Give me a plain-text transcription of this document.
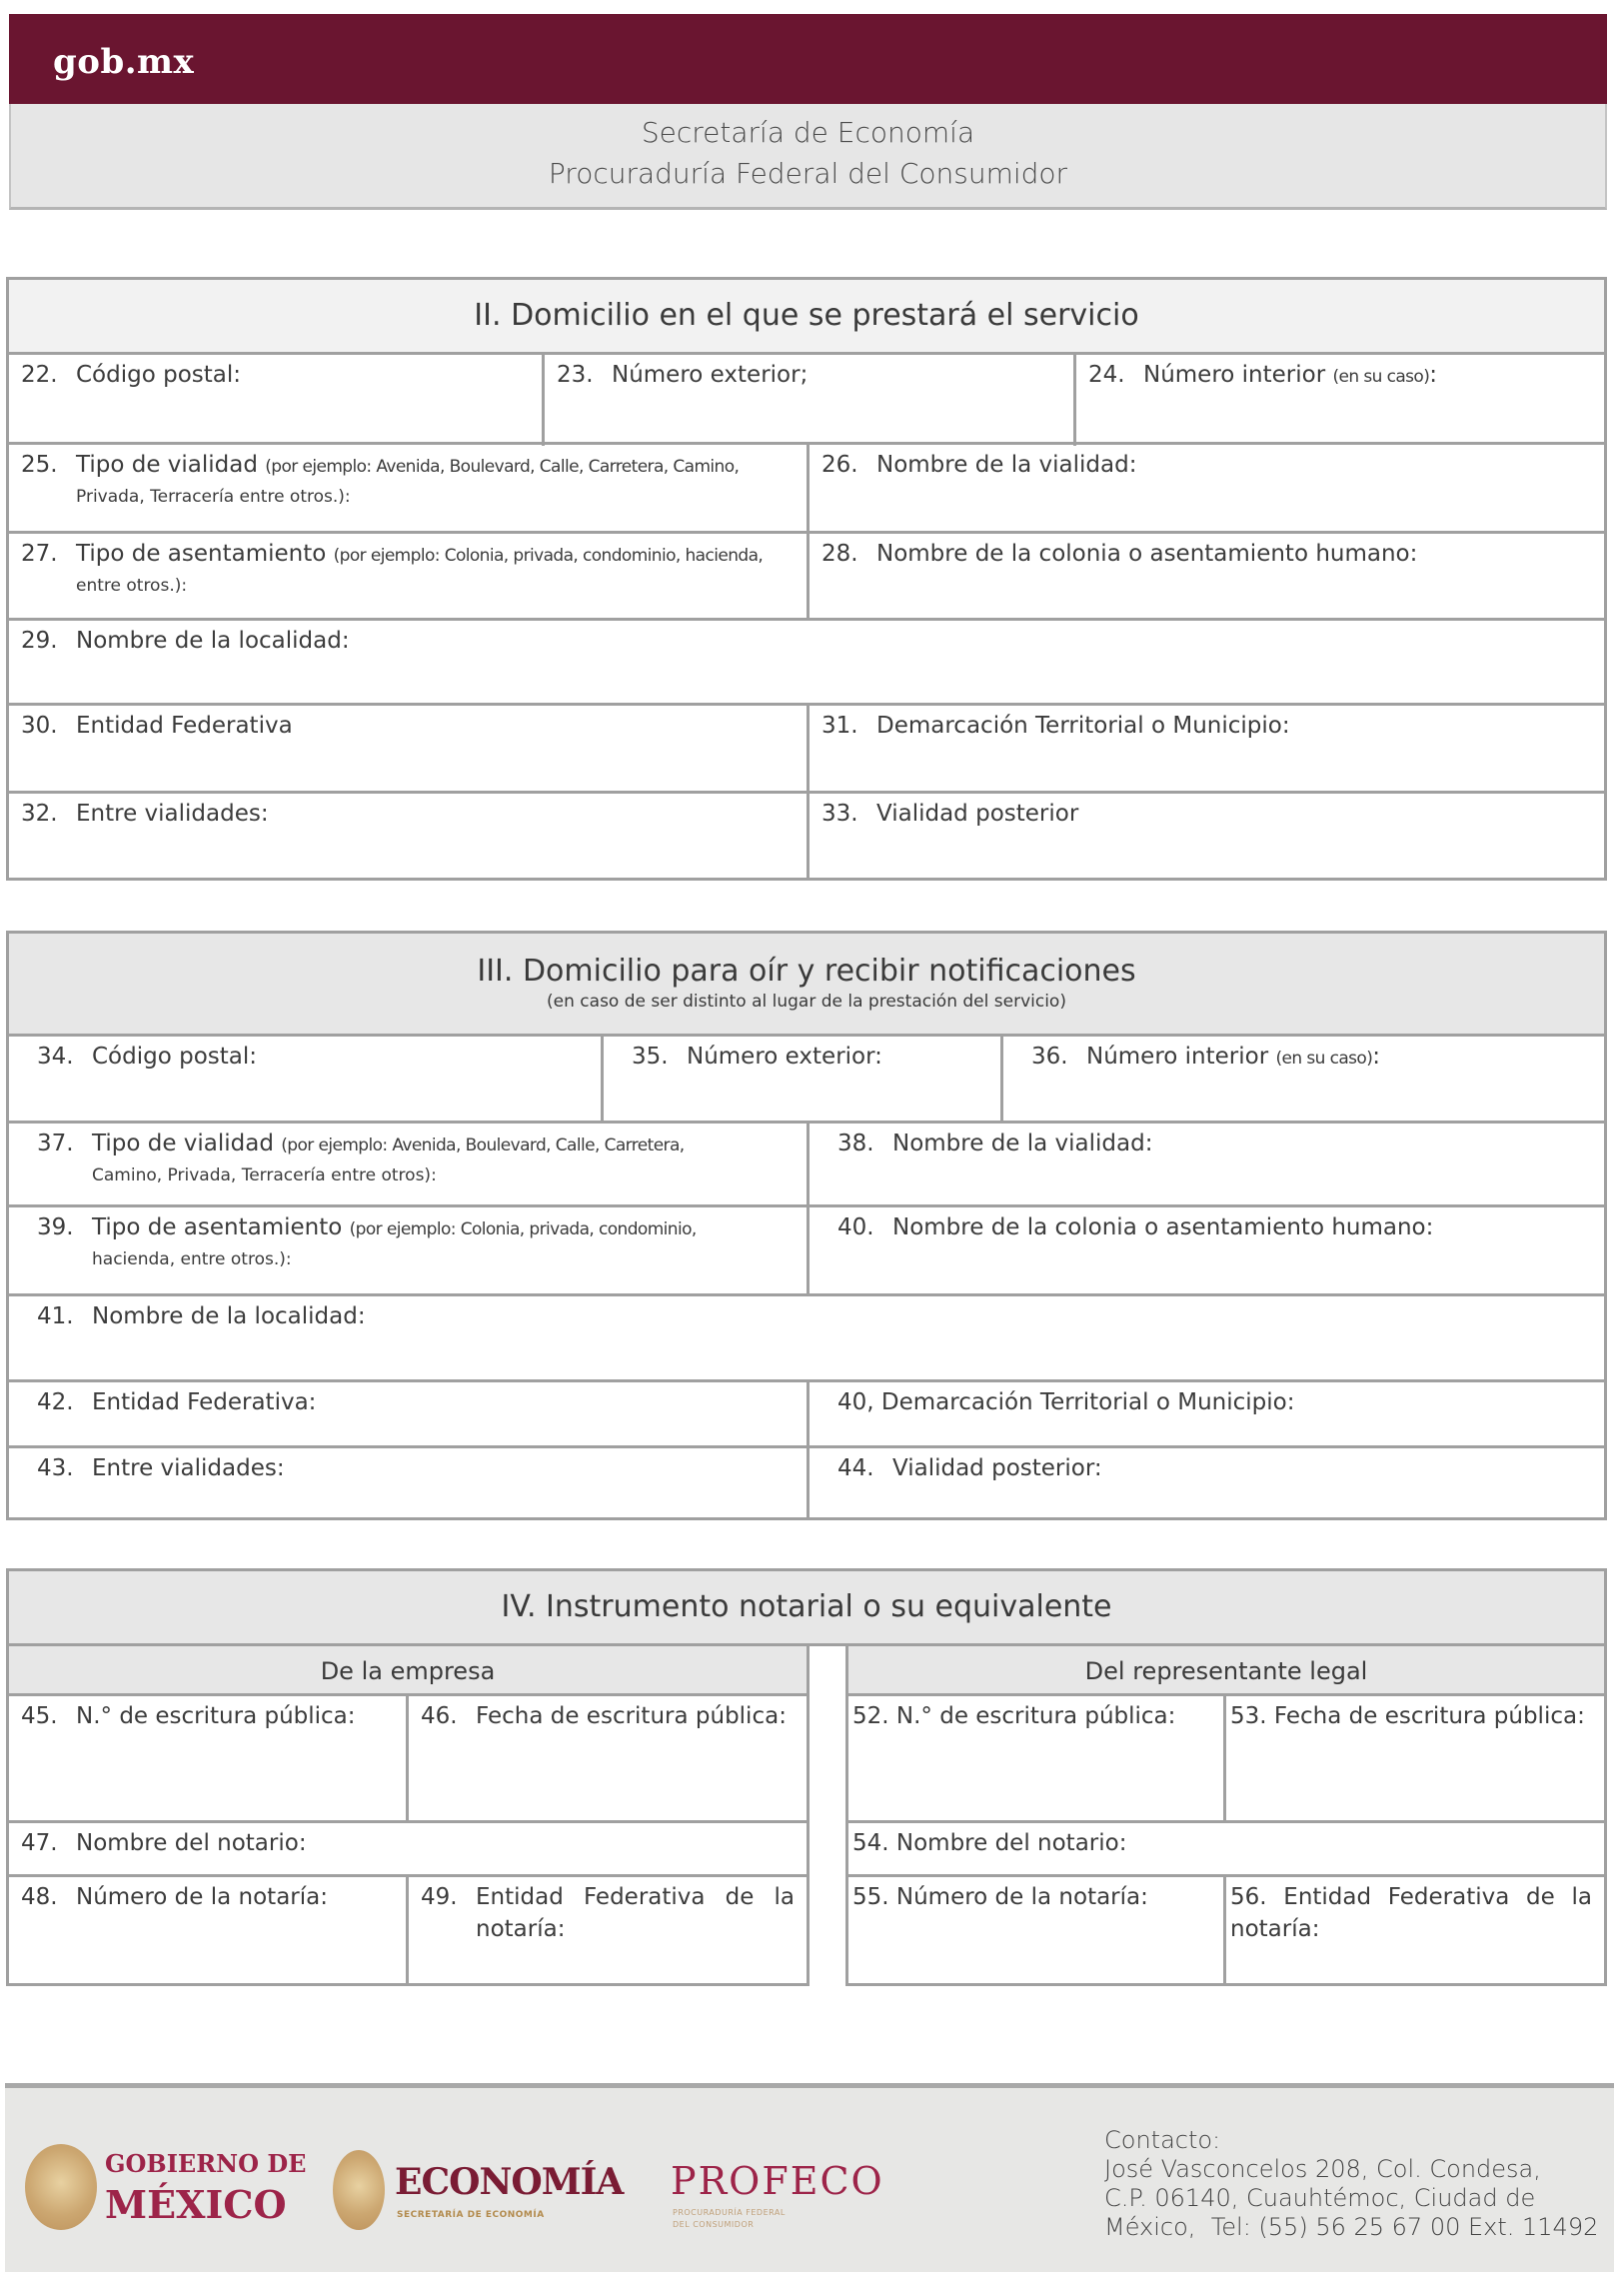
gob.mx
Secretaría de Economía
Procuraduría Federal del Consumidor
II. Domicilio en el que se prestará el servicio
22. Código postal:	23. Número exterior;	24. Número interior (en su caso):
25. Tipo de vialidad (por ejemplo: Avenida, Boulevard, Calle, Carretera, Camino,
Privada, Terracería entre otros.):
26. Nombre de la vialidad:
27. Tipo de asentamiento (por ejemplo: Colonia, privada, condominio, hacienda,
entre otros.):
28. Nombre de la colonia o asentamiento humano:
29. Nombre de la localidad:
30. Entidad Federativa	31. Demarcación Territorial o Municipio:
32. Entre vialidades:	33. Vialidad posterior
III. Domicilio para oír y recibir notificaciones
(en caso de ser distinto al lugar de la prestación del servicio)
34. Código postal:	35. Número exterior:	36. Número interior (en su caso):
37. Tipo de vialidad (por ejemplo: Avenida, Boulevard, Calle, Carretera,
Camino, Privada, Terracería entre otros):
38. Nombre de la vialidad:
39. Tipo de asentamiento (por ejemplo: Colonia, privada, condominio,
hacienda, entre otros.):
40. Nombre de la colonia o asentamiento humano:
41. Nombre de la localidad:
42. Entidad Federativa:	40, Demarcación Territorial o Municipio:
43. Entre vialidades:	44. Vialidad posterior:
IV. Instrumento notarial o su equivalente
De la empresa
45. N.° de escritura pública:	46. Fecha de escritura pública:
47. Nombre del notario:
48. Número de la notaría:	49. Entidad Federativa de la notaría:
Del representante legal
52. N.° de escritura pública:	53. Fecha de escritura pública:
54. Nombre del notario:
55. Número de la notaría:	56. Entidad Federativa de la notaría:
GOBIERNO DE
MÉXICO	ECONOMÍA
SECRETARÍA DE ECONOMÍA
PROFECO
PROCURADURÍA FEDERAL
DEL CONSUMIDOR
Contacto:
José Vasconcelos 208, Col. Condesa,
C.P. 06140, Cuauhtémoc, Ciudad de
México,  Tel: (55) 56 25 67 00 Ext. 11492
